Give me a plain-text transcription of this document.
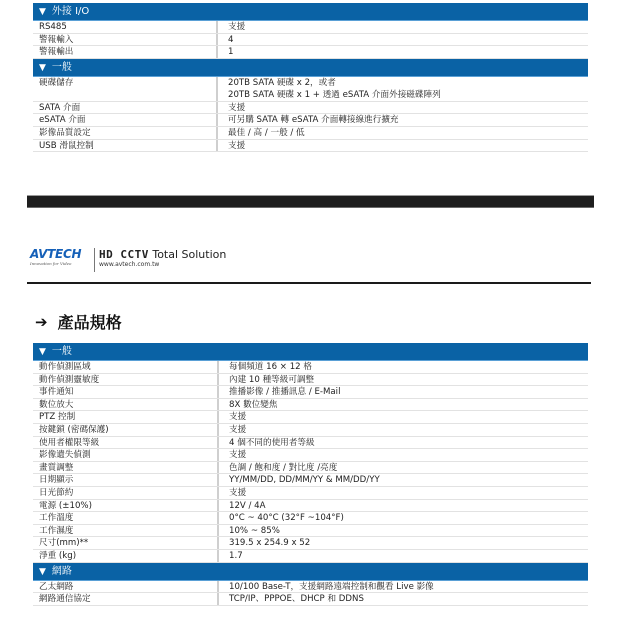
▼ 外接 I/O
RS485	支援
警報輸入	4
警報輸出	1
▼ 一般
硬碟儲存	20TB SATA 硬碟 x 2，或者
20TB SATA 硬碟 x 1 + 透過 eSATA 介面外接磁碟陣列
SATA 介面	支援
eSATA 介面	可另購 SATA 轉 eSATA 介面轉接線進行擴充
影像品質設定	最佳 / 高 / 一般 / 低
USB 滑鼠控制	支援
AVTECH
Innovation for Video
HD CCTV Total Solution
www.avtech.com.tw
➔ 產品規格
▼ 一般
動作偵測區域	每個頻道 16 × 12 格
動作偵測靈敏度	內建 10 種等級可調整
事件通知	推播影像 / 推播訊息 / E-Mail
數位放大	8X 數位變焦
PTZ 控制	支援
按鍵鎖 (密碼保護)	支援
使用者權限等級	4 個不同的使用者等級
影像遺失偵測	支援
畫質調整	色調 / 飽和度 / 對比度 /亮度
日期顯示	YY/MM/DD, DD/MM/YY & MM/DD/YY
日光節約	支援
電源 (±10%)	12V / 4A
工作溫度	0°C ~ 40°C (32°F ~104°F)
工作濕度	10% ~ 85%
尺寸(mm)**	319.5 x 254.9 x 52
淨重 (kg)	1.7
▼ 網路
乙太網路	10/100 Base-T，支援網路遠端控制和觀看 Live 影像
網路通信協定	TCP/IP、PPPOE、DHCP 和 DDNS
